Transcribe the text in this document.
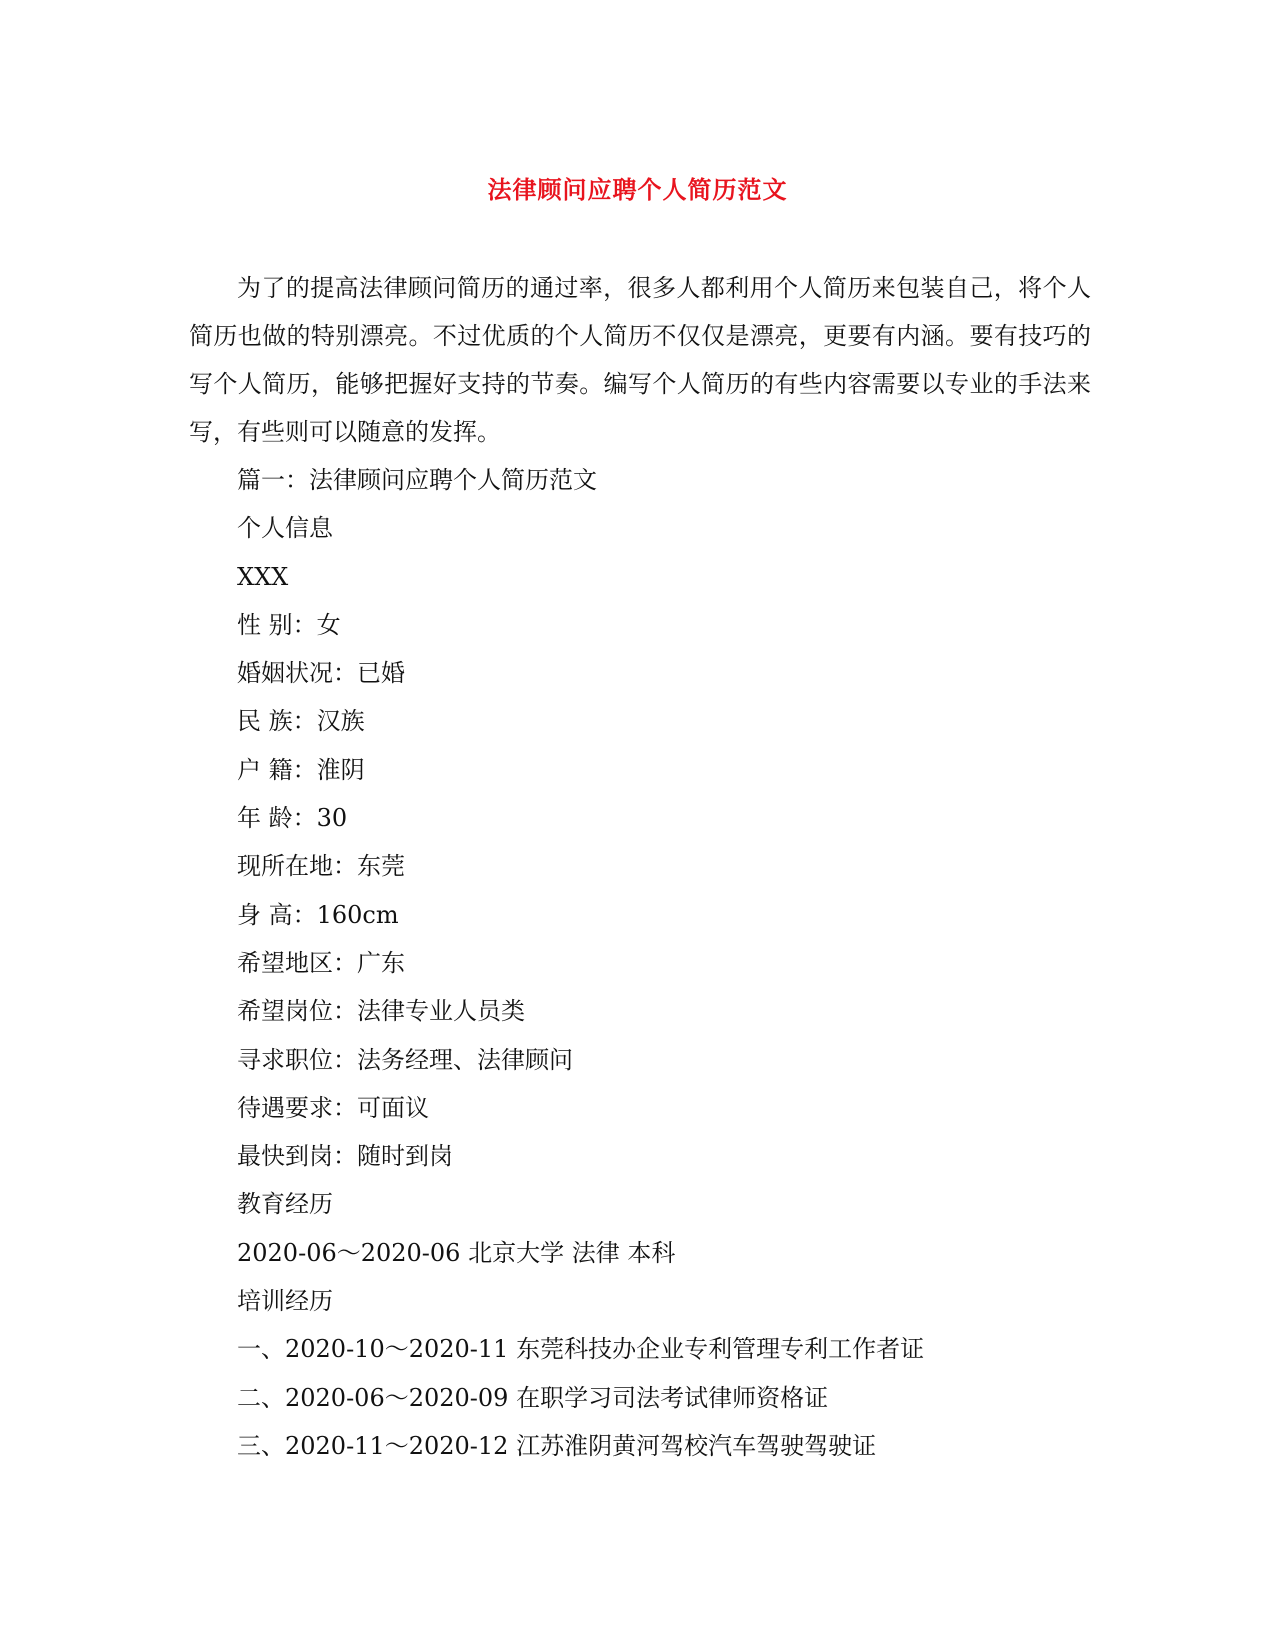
法律顾问应聘个人简历范文

为了的提高法律顾问简历的通过率，很多人都利用个人简历来包装自己，将个人简历也做的特别漂亮。不过优质的个人简历不仅仅是漂亮，更要有内涵。要有技巧的写个人简历，能够把握好支持的节奏。编写个人简历的有些内容需要以专业的手法来写，有些则可以随意的发挥。

篇一：法律顾问应聘个人简历范文
个人信息
XXX
性 别：女
婚姻状况：已婚
民 族：汉族
户 籍：淮阴
年 龄：30
现所在地：东莞
身 高：160cm
希望地区：广东
希望岗位：法律专业人员类
寻求职位：法务经理、法律顾问
待遇要求：可面议
最快到岗：随时到岗
教育经历
2020-06～2020-06 北京大学 法律 本科
培训经历
一、2020-10～2020-11 东莞科技办企业专利管理专利工作者证
二、2020-06～2020-09 在职学习司法考试律师资格证
三、2020-11～2020-12 江苏淮阴黄河驾校汽车驾驶驾驶证
